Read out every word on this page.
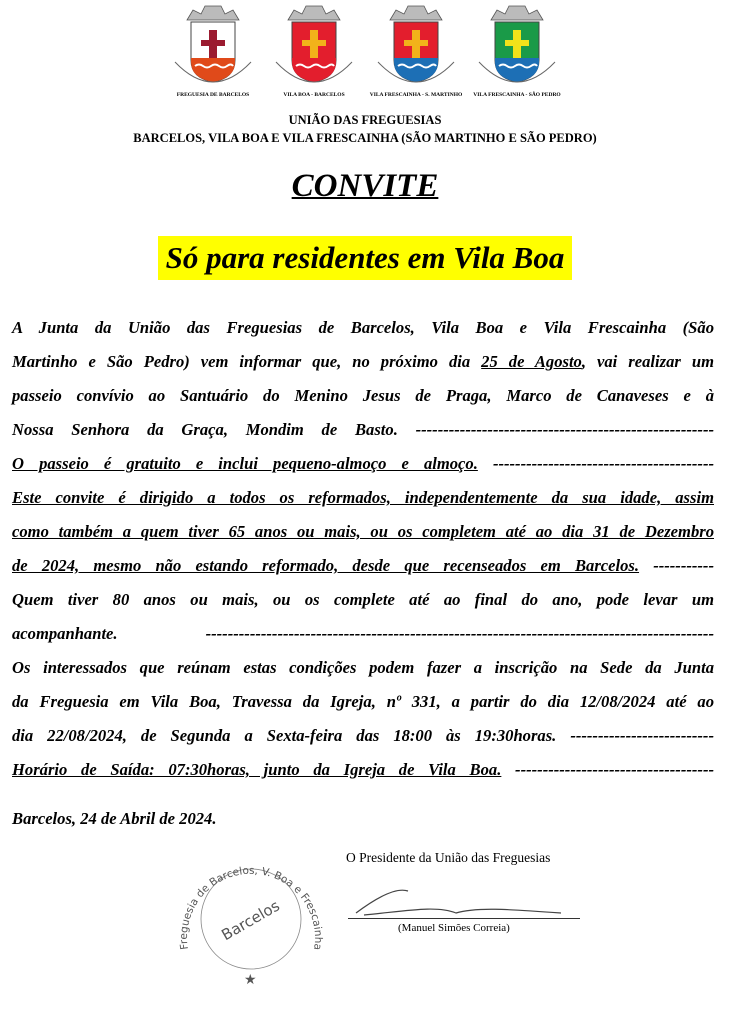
FREGUESIA DE BARCELOS	VILA BOA - BARCELOS	VILA FRESCAINHA - S. MARTINHO VILA FRESCAINHA - SÃO PEDRO
UNIÃO DAS FREGUESIAS
BARCELOS, VILA BOA E VILA FRESCAINHA (SÃO MARTINHO E SÃO PEDRO)
CONVITE
Só para residentes em Vila Boa
A Junta da União das Freguesias de Barcelos, Vila Boa e Vila Frescainha (São
Martinho e São Pedro) vem informar que, no próximo dia 25 de Agosto, vai realizar um
passeio convívio ao Santuário do Menino Jesus de Praga, Marco de Canaveses e à
Nossa Senhora da Graça, Mondim de Basto. ------------------------------------------------------
O passeio é gratuito e inclui pequeno-almoço e almoço. ----------------------------------------
Este convite é dirigido a todos os reformados, independentemente da sua idade, assim
como também a quem tiver 65 anos ou mais, ou os completem até ao dia 31 de Dezembro
de 2024, mesmo não estando reformado, desde que recenseados em Barcelos. -----------
Quem tiver 80 anos ou mais, ou os complete até ao final do ano, pode levar um
acompanhante. --------------------------------------------------------------------------------------------
Os interessados que reúnam estas condições podem fazer a inscrição na Sede da Junta
da Freguesia em Vila Boa, Travessa da Igreja, nº 331, a partir do dia 12/08/2024 até ao
dia 22/08/2024, de Segunda a Sexta-feira das 18:00 às 19:30horas. --------------------------
Horário de Saída: 07:30horas, junto da Igreja de Vila Boa. ------------------------------------
Barcelos, 24 de Abril de 2024.
Freguesia de Barcelos, V. Boa e Frescainha
Barcelos
★
O Presidente da União das Freguesias
(Manuel Simões Correia)
